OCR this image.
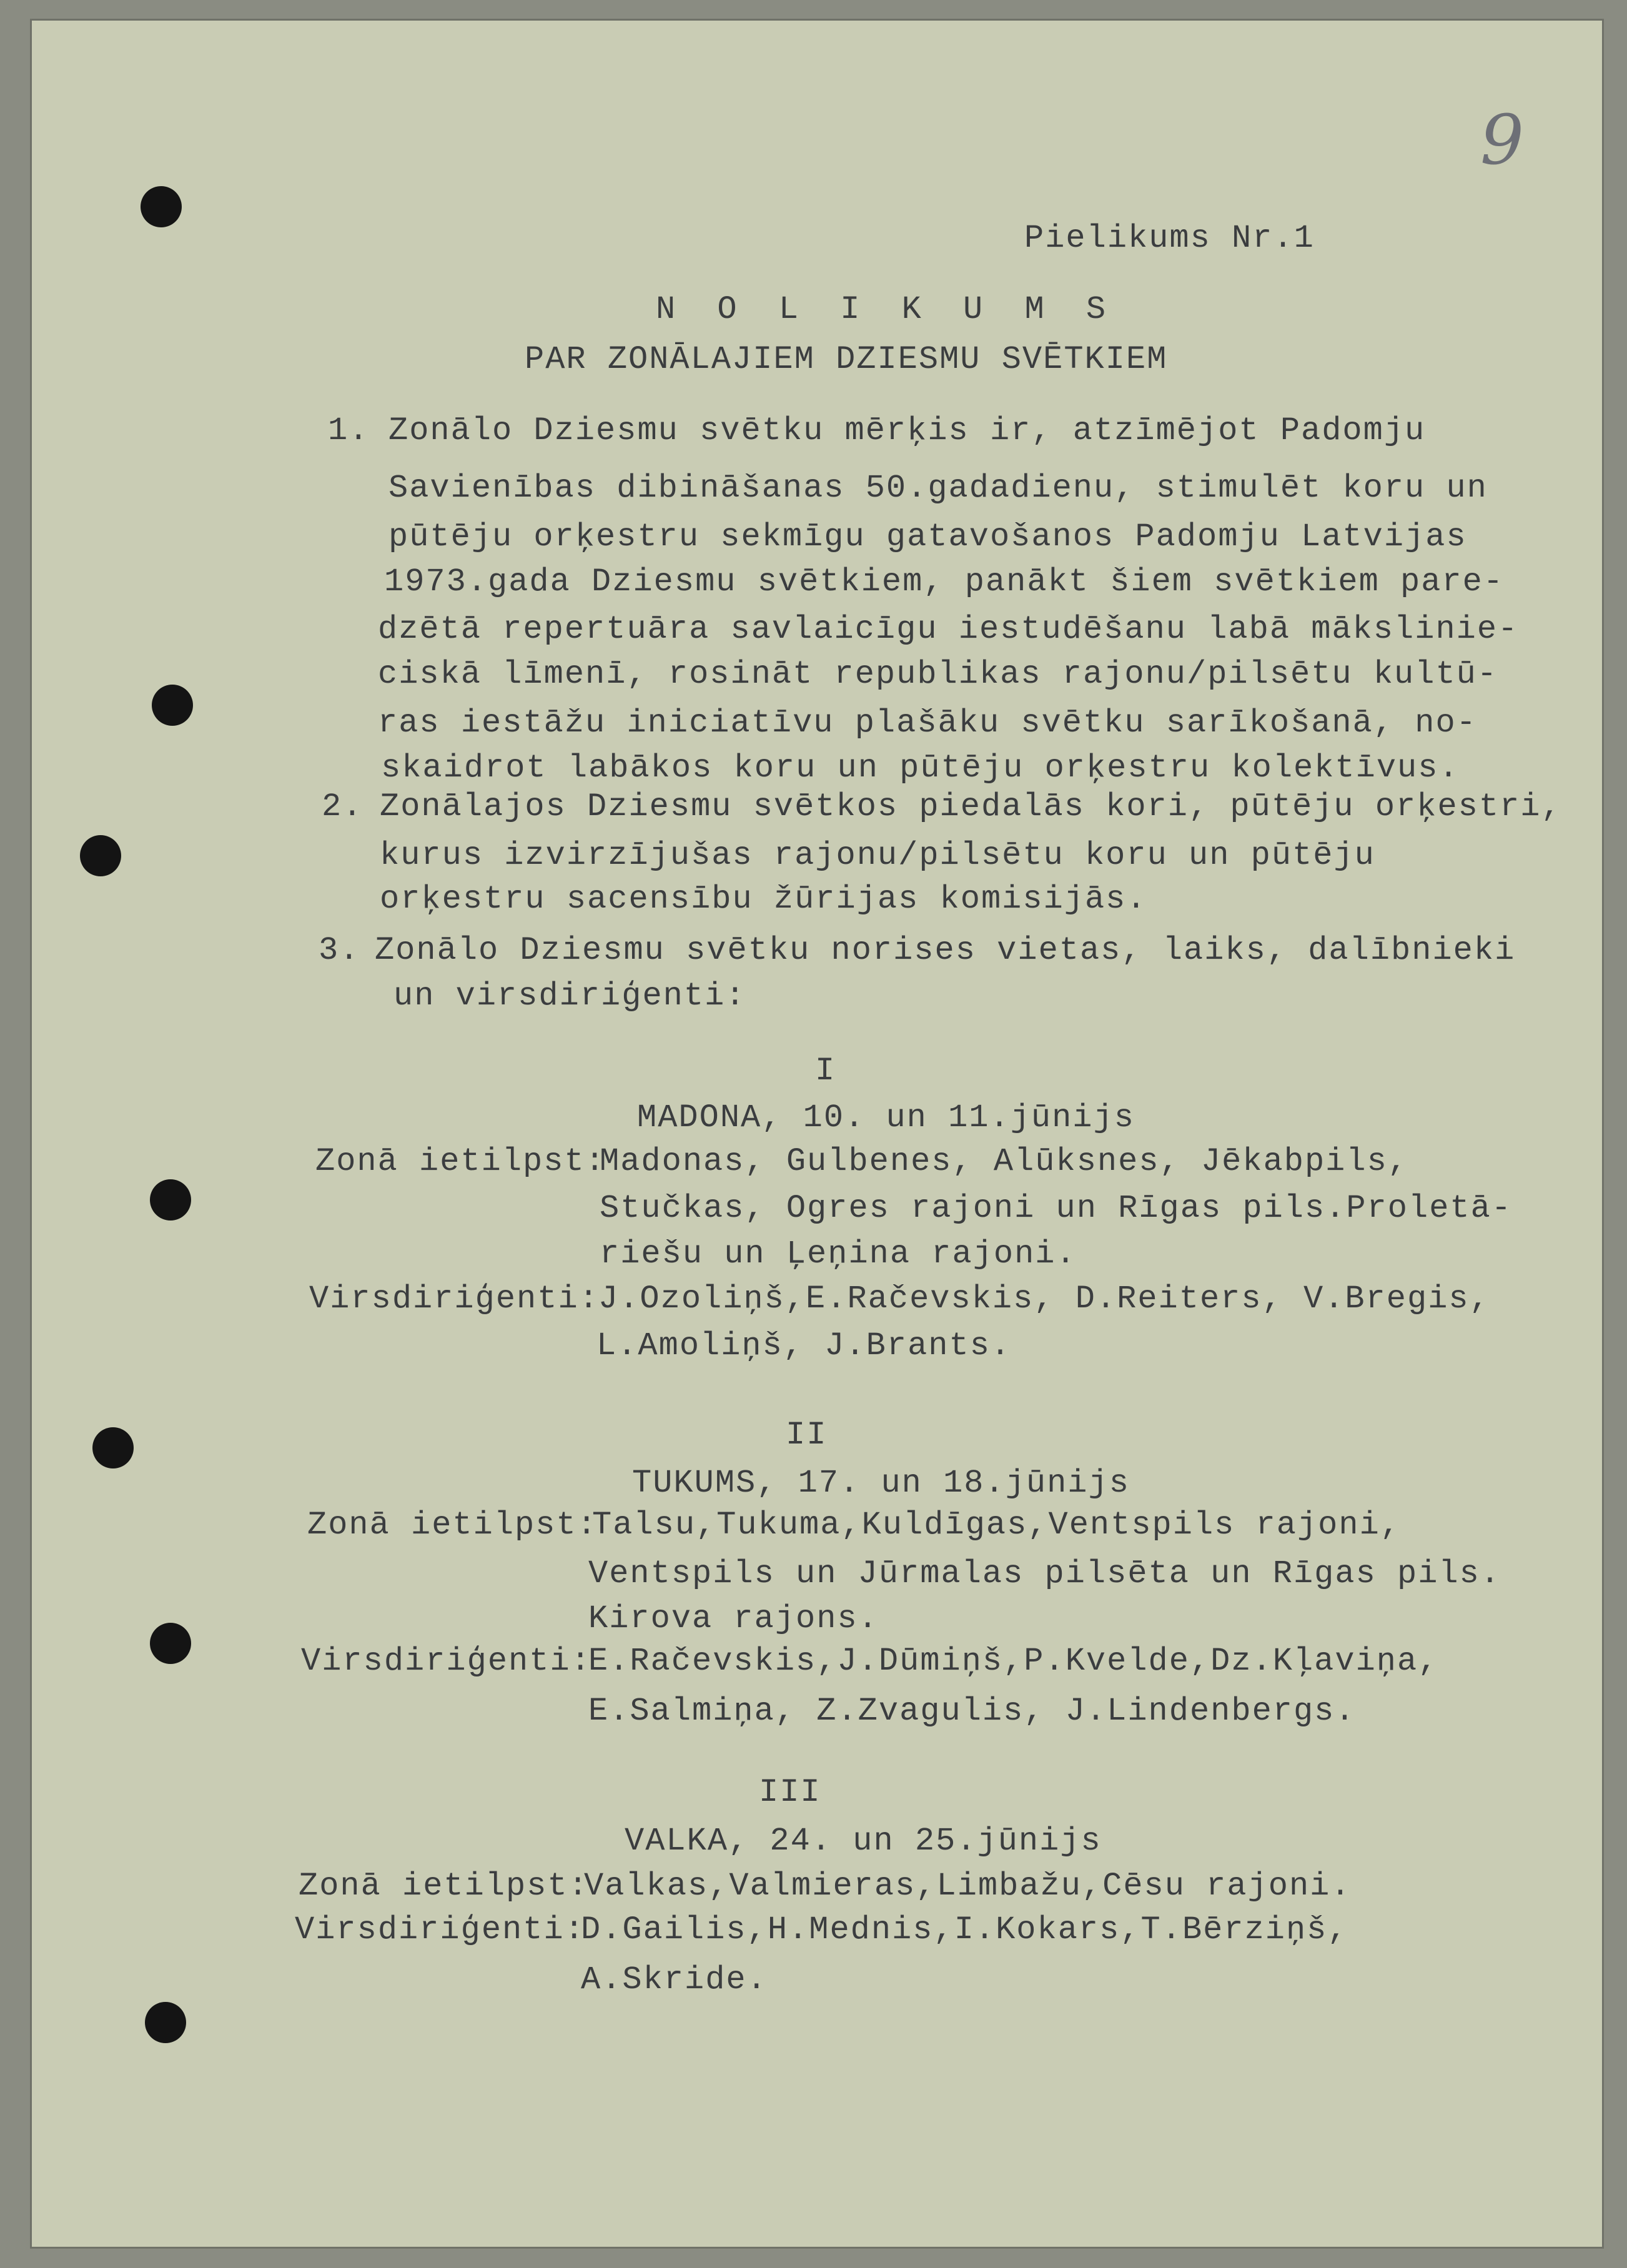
9
Pielikums Nr.1
N O L I K U M S
PAR ZONĀLAJIEM DZIESMU SVĒTKIEM
1. Zonālo Dziesmu svētku mērķis ir, atzīmējot Padomju
Savienības dibināšanas 50.gadadienu, stimulēt koru un
pūtēju orķestru sekmīgu gatavošanos Padomju Latvijas
1973.gada Dziesmu svētkiem, panākt šiem svētkiem pare-
dzētā repertuāra savlaicīgu iestudēšanu labā mākslinie-
ciskā līmenī, rosināt republikas rajonu/pilsētu kultū-
ras iestāžu iniciatīvu plašāku svētku sarīkošanā, no-
skaidrot labākos koru un pūtēju orķestru kolektīvus.
2. Zonālajos Dziesmu svētkos piedalās kori, pūtēju orķestri,
kurus izvirzījušas rajonu/pilsētu koru un pūtēju
orķestru sacensību žūrijas komisijās.
3. Zonālo Dziesmu svētku norises vietas, laiks, dalībnieki
un virsdiriģenti:
I
MADONA, 10. un 11.jūnijs
Zonā ietilpst:
Madonas, Gulbenes, Alūksnes, Jēkabpils,
Stučkas, Ogres rajoni un Rīgas pils.Proletā-
riešu un Ļeņina rajoni.
Virsdiriģenti:
J.Ozoliņš,E.Račevskis, D.Reiters, V.Bregis,
L.Amoliņš, J.Brants.
II
TUKUMS, 17. un 18.jūnijs
Zonā ietilpst:
Talsu,Tukuma,Kuldīgas,Ventspils rajoni,
Ventspils un Jūrmalas pilsēta un Rīgas pils.
Kirova rajons.
Virsdiriģenti:
E.Račevskis,J.Dūmiņš,P.Kvelde,Dz.Kļaviņa,
E.Salmiņa, Z.Zvagulis, J.Lindenbergs.
III
VALKA, 24. un 25.jūnijs
Zonā ietilpst:
Valkas,Valmieras,Limbažu,Cēsu rajoni.
Virsdiriģenti:
D.Gailis,H.Mednis,I.Kokars,T.Bērziņš,
A.Skride.
